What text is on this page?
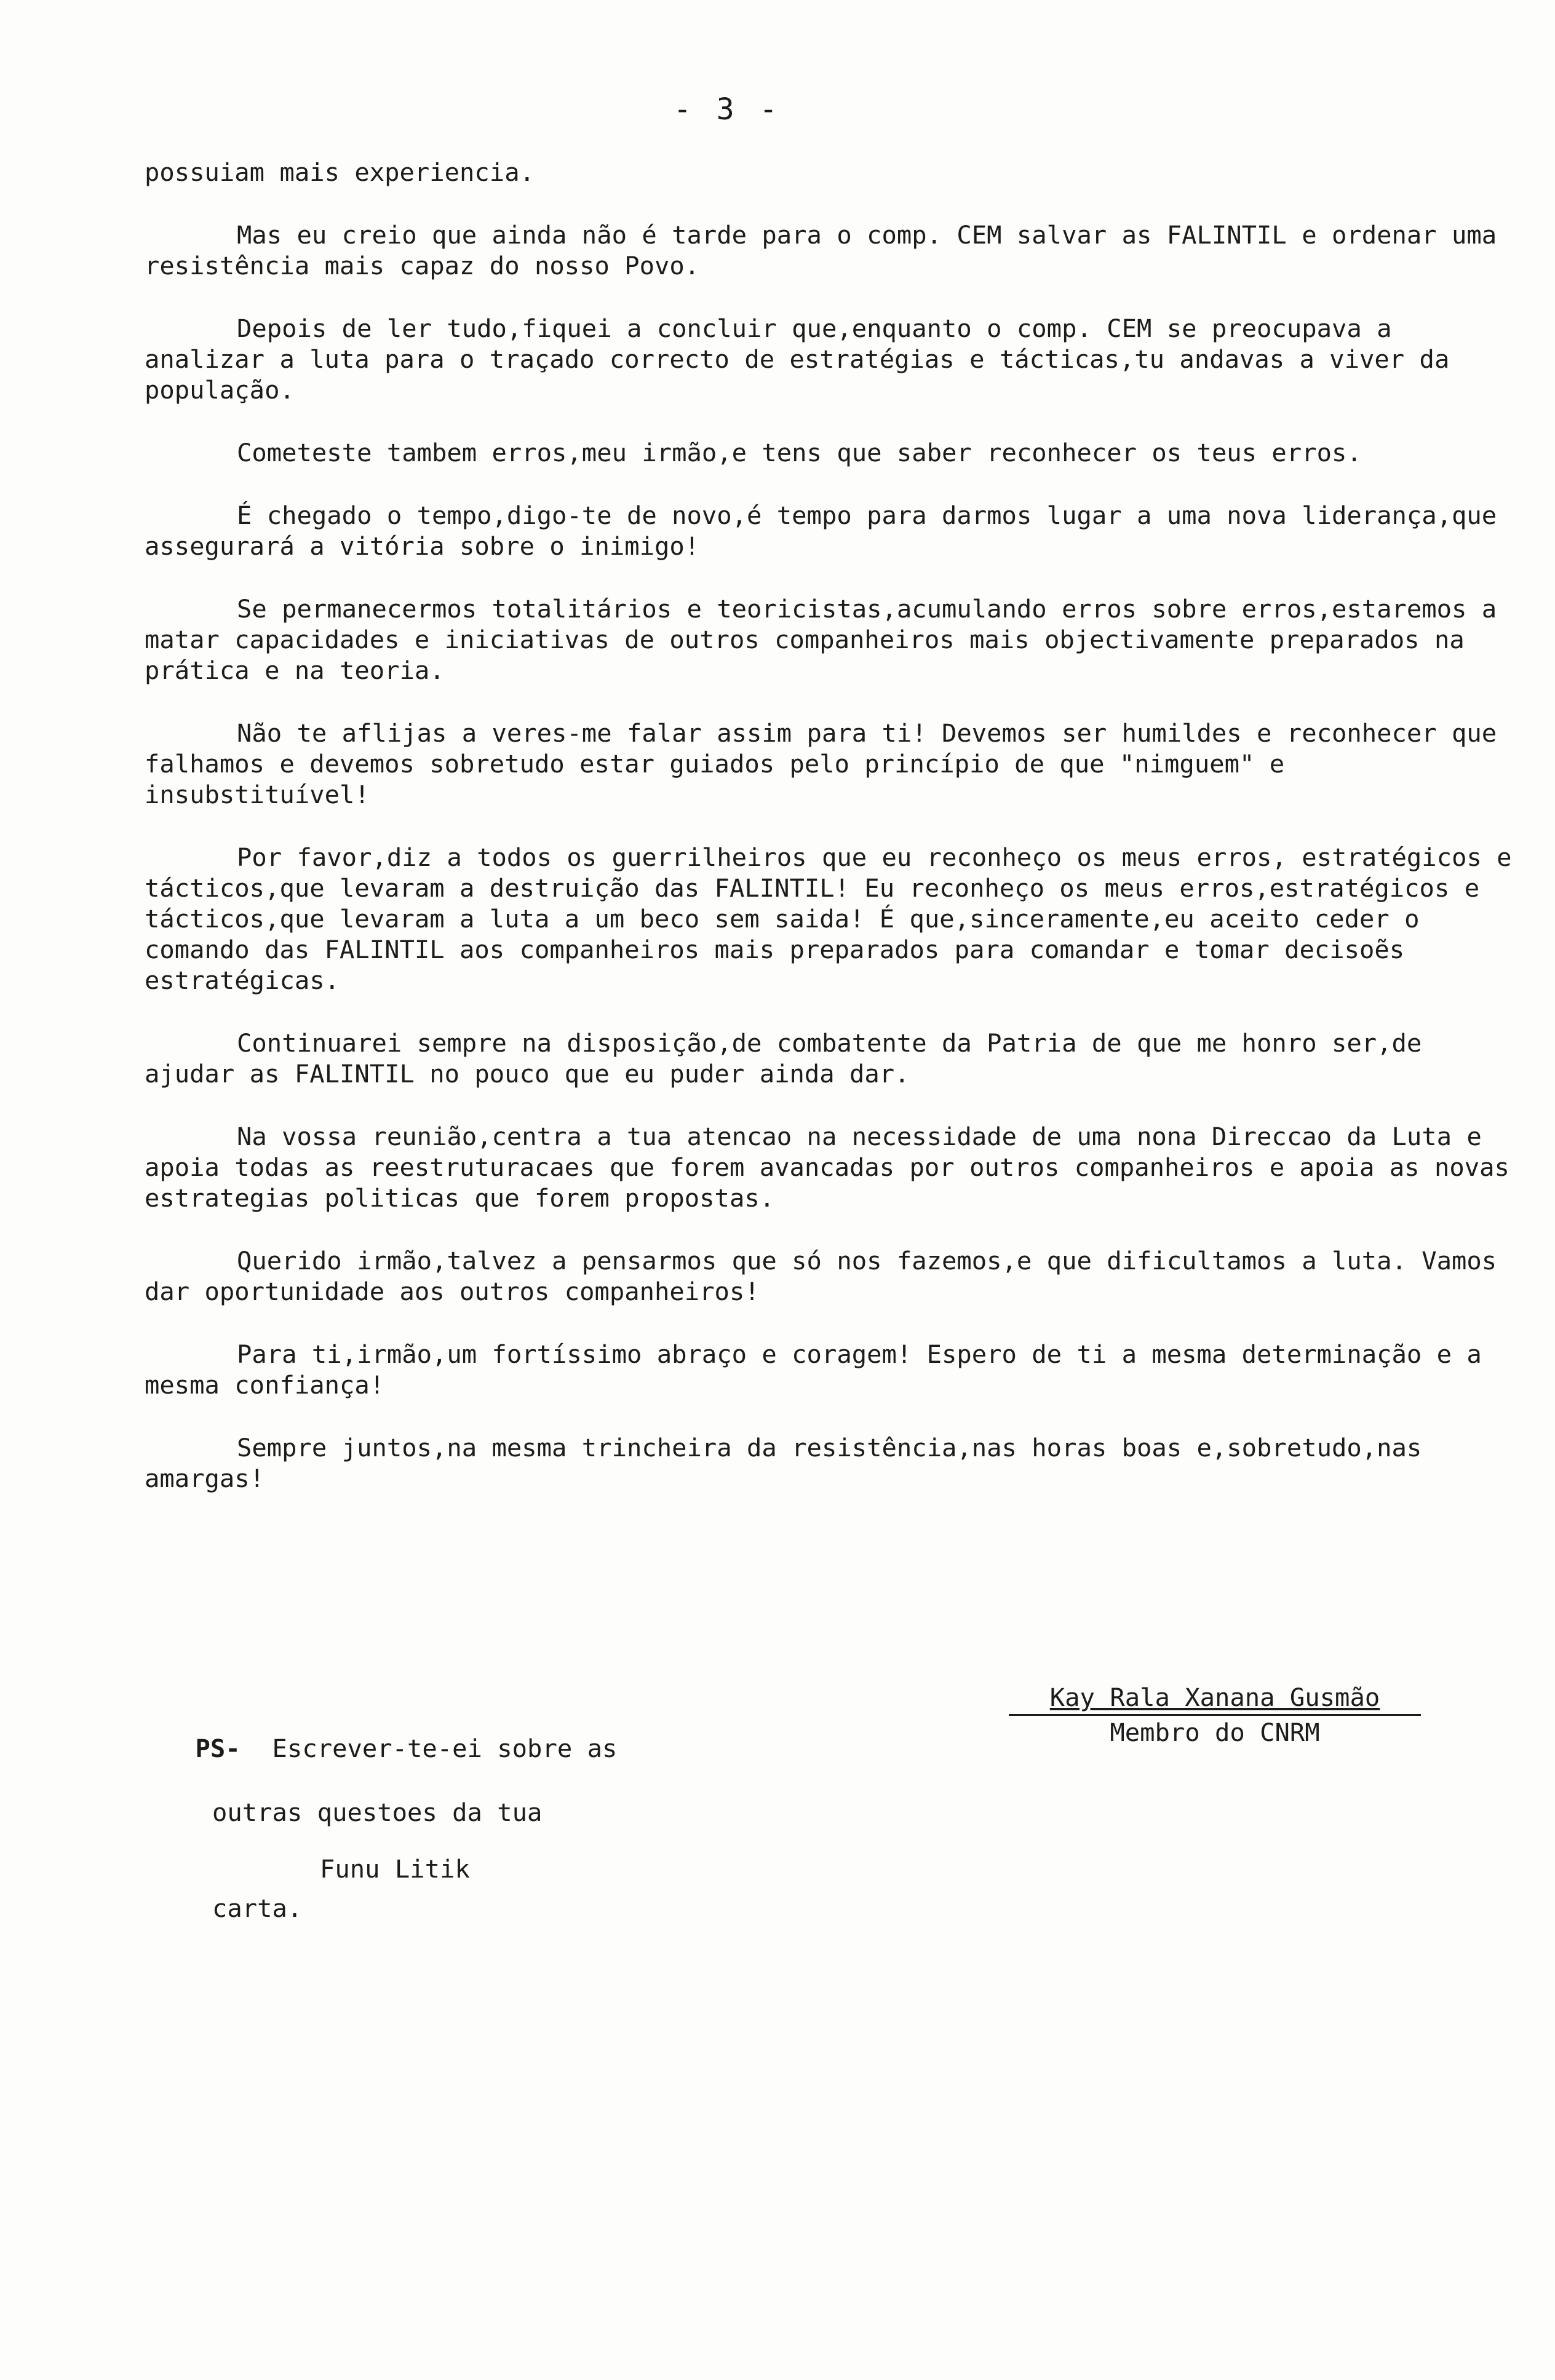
- 3 -

possuiam mais experiencia.

Mas eu creio que ainda não é tarde para o comp. CEM salvar as FALINTIL e ordenar uma resistência mais capaz do nosso Povo.

Depois de ler tudo,fiquei a concluir que,enquanto o comp. CEM se preocupava a analizar a luta para o traçado correcto de estratégias e tácticas,tu andavas a viver da população.

Cometeste tambem erros,meu irmão,e tens que saber reconhecer os teus erros.

É chegado o tempo,digo-te de novo,é tempo para darmos lugar a uma nova liderança,que assegurará a vitória sobre o inimigo!

Se permanecermos totalitários e teoricistas,acumulando erros sobre erros,estaremos a matar capacidades e iniciativas de outros companheiros mais objectivamente preparados na prática e na teoria.

Não te aflijas a veres-me falar assim para ti! Devemos ser humildes e reconhecer que falhamos e devemos sobretudo estar guiados pelo princípio de que "nimguem" e insubstituível!

Por favor,diz a todos os guerrilheiros que eu reconheço os meus erros, estratégicos e tácticos,que levaram a destruição das FALINTIL! Eu reconheço os meus erros,estratégicos e tácticos,que levaram a luta a um beco sem saida! É que,sinceramente,eu aceito ceder o comando das FALINTIL aos companheiros mais preparados para comandar e tomar decisoẽs estratégicas.

Continuarei sempre na disposição,de combatente da Patria de que me honro ser,de ajudar as FALINTIL no pouco que eu puder ainda dar.

Na vossa reunião,centra a tua atencao na necessidade de uma nona Direccao da Luta e apoia todas as reestruturacaes que forem avancadas por outros companheiros e apoia as novas estrategias politicas que forem propostas.

Querido irmão,talvez a pensarmos que só nos fazemos,e que dificultamos a luta. Vamos dar oportunidade aos outros companheiros!

Para ti,irmão,um fortíssimo abraço e coragem! Espero de ti a mesma determinação e a mesma confiança!

Sempre juntos,na mesma trincheira da resistência,nas horas boas e,sobretudo,nas amargas!

Kay Rala Xanana Gusmão
Membro do CNRM

PS- Escrever-te-ei sobre as

outras questoes da tua

carta.

Funu Litik
